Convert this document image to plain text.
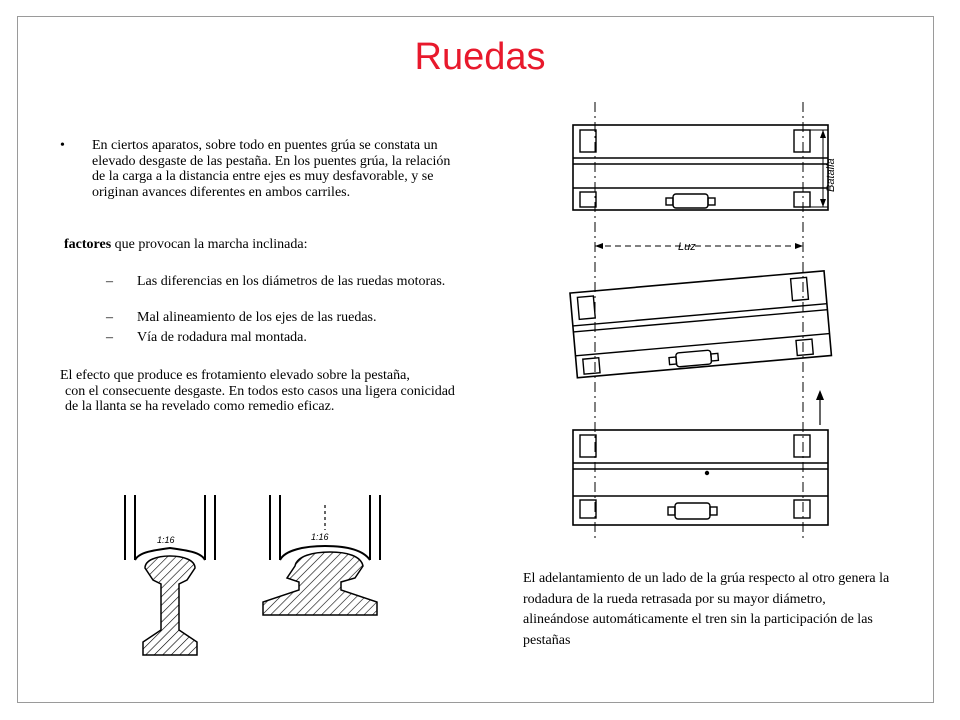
Ruedas
• En ciertos aparatos, sobre todo en puentes grúa se constata un elevado desgaste de las pestaña. En los puentes grúa, la relación de la carga a la distancia entre ejes es muy desfavorable, y se originan avances diferentes en ambos carriles.
factores que provocan la marcha inclinada:
– Las diferencias en los diámetros de las ruedas motoras.
– Mal alineamiento de los ejes de las ruedas.
– Vía de rodadura mal montada.
El efecto que produce es frotamiento elevado sobre la pestaña,
con el consecuente desgaste. En todos esto casos una ligera conicidad de la llanta se ha revelado como remedio eficaz.
El adelantamiento de un lado de la grúa respecto al otro genera la rodadura de la rueda retrasada por su mayor diámetro, alineándose automáticamente el tren sin la participación de las pestañas
Batalla
Luz
1:16	1:16
